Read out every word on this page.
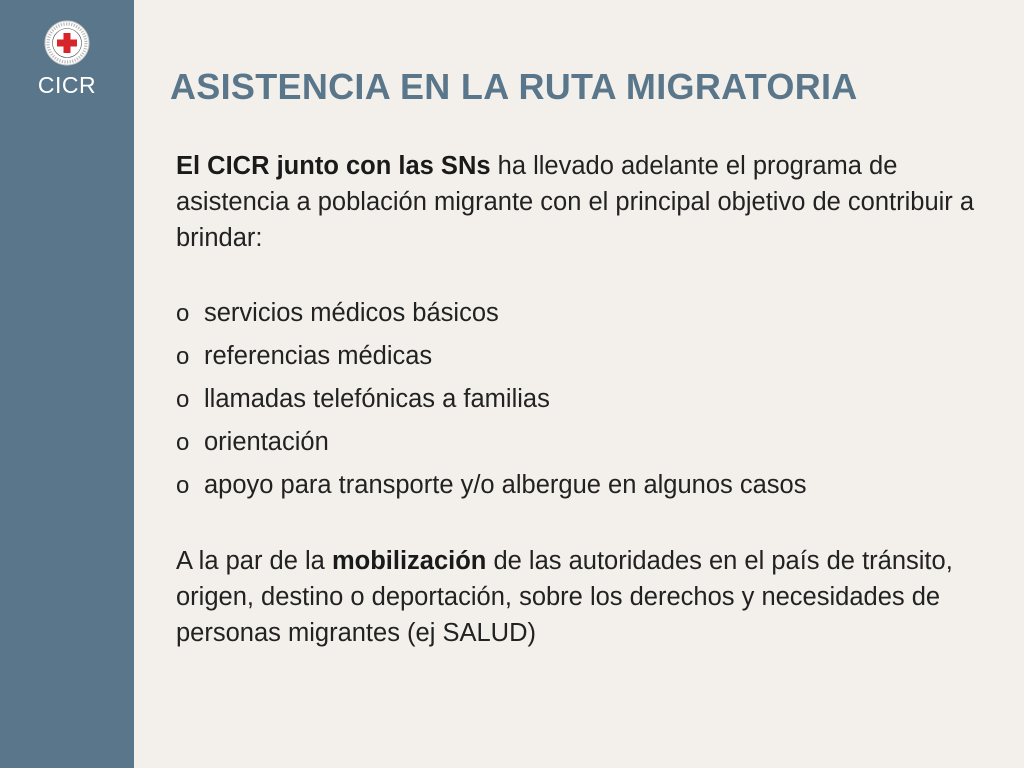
CICR	ASISTENCIA EN LA RUTA MIGRATORIA

El CICR junto con las SNs ha llevado adelante el programa de asistencia a población migrante con el principal objetivo de contribuir a brindar:

o servicios médicos básicos
o referencias médicas
o llamadas telefónicas a familias
o orientación
o apoyo para transporte y/o albergue en algunos casos

A la par de la mobilización de las autoridades en el país de tránsito, origen, destino o deportación, sobre los derechos y necesidades de personas migrantes (ej SALUD)
